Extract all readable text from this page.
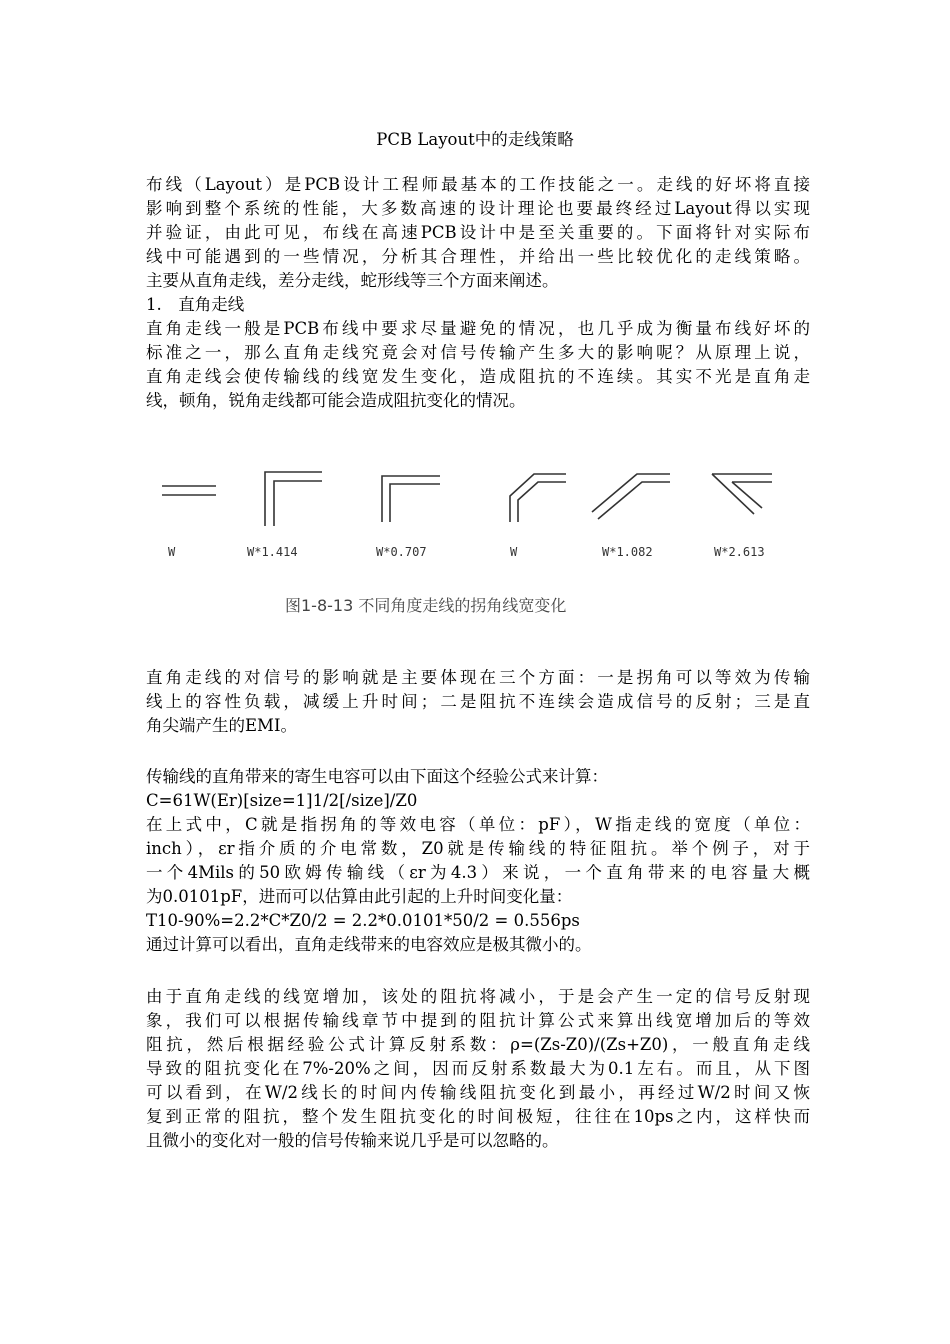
PCB Layout中的走线策略
布线（Layout）是PCB设计工程师最基本的工作技能之一。走线的好坏将直接
影响到整个系统的性能，大多数高速的设计理论也要最终经过Layout得以实现
并验证，由此可见，布线在高速PCB设计中是至关重要的。下面将针对实际布
线中可能遇到的一些情况，分析其合理性，并给出一些比较优化的走线策略。
主要从直角走线，差分走线，蛇形线等三个方面来阐述。
1.　直角走线
直角走线一般是PCB布线中要求尽量避免的情况，也几乎成为衡量布线好坏的
标准之一，那么直角走线究竟会对信号传输产生多大的影响呢？从原理上说，
直角走线会使传输线的线宽发生变化，造成阻抗的不连续。其实不光是直角走
线，顿角，锐角走线都可能会造成阻抗变化的情况。
W	W*1.414	W*0.707	W	W*1.082	W*2.613
图1-8-13 不同角度走线的拐角线宽变化
直角走线的对信号的影响就是主要体现在三个方面：一是拐角可以等效为传输
线上的容性负载，减缓上升时间；二是阻抗不连续会造成信号的反射；三是直
角尖端产生的EMI。
传输线的直角带来的寄生电容可以由下面这个经验公式来计算：
C=61W(Er)[size=1]1/2[/size]/Z0
在上式中，C就是指拐角的等效电容（单位：pF），W指走线的宽度（单位：
inch），εr指介质的介电常数，Z0就是传输线的特征阻抗。举个例子，对于
一个4Mils的50欧姆传输线（εr为4.3）来说，一个直角带来的电容量大概
为0.0101pF，进而可以估算由此引起的上升时间变化量：
T10-90%=2.2*C*Z0/2 = 2.2*0.0101*50/2 = 0.556ps
通过计算可以看出，直角走线带来的电容效应是极其微小的。
由于直角走线的线宽增加，该处的阻抗将减小，于是会产生一定的信号反射现
象，我们可以根据传输线章节中提到的阻抗计算公式来算出线宽增加后的等效
阻抗，然后根据经验公式计算反射系数：ρ=(Zs-Z0)/(Zs+Z0)，一般直角走线
导致的阻抗变化在7%-20%之间，因而反射系数最大为0.1左右。而且，从下图
可以看到，在W/2线长的时间内传输线阻抗变化到最小，再经过W/2时间又恢
复到正常的阻抗，整个发生阻抗变化的时间极短，往往在10ps之内，这样快而
且微小的变化对一般的信号传输来说几乎是可以忽略的。
